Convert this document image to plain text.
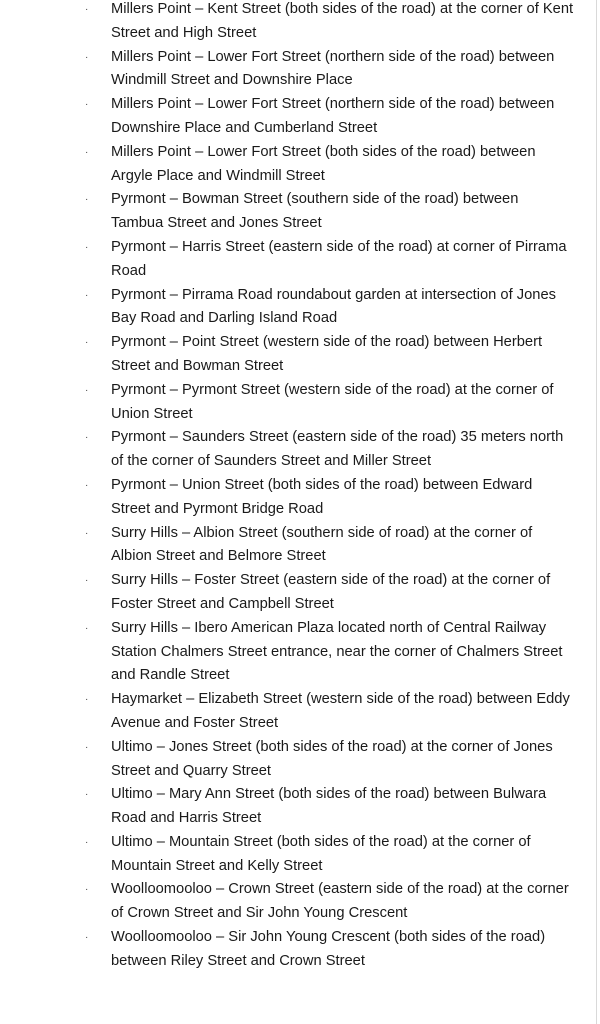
· Millers Point – Kent Street (both sides of the road) at the corner of Kent Street and High Street
· Millers Point – Lower Fort Street (northern side of the road) between Windmill Street and Downshire Place
· Millers Point – Lower Fort Street (northern side of the road) between Downshire Place and Cumberland Street
· Millers Point – Lower Fort Street (both sides of the road) between Argyle Place and Windmill Street
· Pyrmont – Bowman Street (southern side of the road) between Tambua Street and Jones Street
· Pyrmont – Harris Street (eastern side of the road) at corner of Pirrama Road
· Pyrmont – Pirrama Road roundabout garden at intersection of Jones Bay Road and Darling Island Road
· Pyrmont – Point Street (western side of the road) between Herbert Street and Bowman Street
· Pyrmont – Pyrmont Street (western side of the road) at the corner of Union Street
· Pyrmont – Saunders Street (eastern side of the road) 35 meters north of the corner of Saunders Street and Miller Street
· Pyrmont – Union Street (both sides of the road) between Edward Street and Pyrmont Bridge Road
· Surry Hills – Albion Street (southern side of road) at the corner of Albion Street and Belmore Street
· Surry Hills – Foster Street (eastern side of the road) at the corner of Foster Street and Campbell Street
· Surry Hills – Ibero American Plaza located north of Central Railway Station Chalmers Street entrance, near the corner of Chalmers Street and Randle Street
· Haymarket – Elizabeth Street (western side of the road) between Eddy Avenue and Foster Street
· Ultimo – Jones Street (both sides of the road) at the corner of Jones Street and Quarry Street
· Ultimo – Mary Ann Street (both sides of the road) between Bulwara Road and Harris Street
· Ultimo – Mountain Street (both sides of the road) at the corner of Mountain Street and Kelly Street
· Woolloomooloo – Crown Street (eastern side of the road) at the corner of Crown Street and Sir John Young Crescent
· Woolloomooloo – Sir John Young Crescent (both sides of the road) between Riley Street and Crown Street
